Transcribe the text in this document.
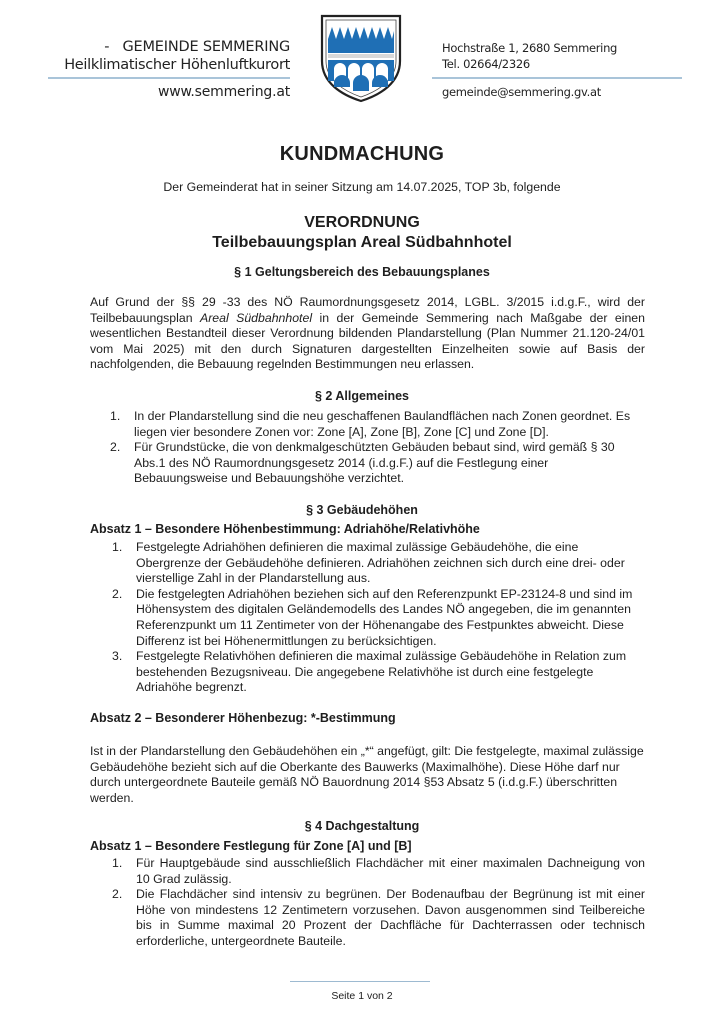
- GEMEINDE SEMMERING
Heilklimatischer Höhenluftkurort
www.semmering.at
Hochstraße 1, 2680 Semmering
Tel. 02664/2326
gemeinde@semmering.gv.at
KUNDMACHUNG
Der Gemeinderat hat in seiner Sitzung am 14.07.2025, TOP 3b, folgende
VERORDNUNG
Teilbebauungsplan Areal Südbahnhotel
§ 1 Geltungsbereich des Bebauungsplanes
Auf Grund der §§ 29 -33 des NÖ Raumordnungsgesetz 2014, LGBL. 3/2015 i.d.g.F., wird der Teilbebauungsplan Areal Südbahnhotel in der Gemeinde Semmering nach Maßgabe der einen wesentlichen Bestandteil dieser Verordnung bildenden Plandarstellung (Plan Nummer 21.120-24/01 vom Mai 2025) mit den durch Signaturen dargestellten Einzelheiten sowie auf Basis der nachfolgenden, die Bebauung regelnden Bestimmungen neu erlassen.
§ 2 Allgemeines
1. In der Plandarstellung sind die neu geschaffenen Baulandflächen nach Zonen geordnet. Es liegen vier besondere Zonen vor: Zone [A], Zone [B], Zone [C] und Zone [D].
2. Für Grundstücke, die von denkmalgeschützten Gebäuden bebaut sind, wird gemäß § 30 Abs.1 des NÖ Raumordnungsgesetz 2014 (i.d.g.F.) auf die Festlegung einer Bebauungsweise und Bebauungshöhe verzichtet.
§ 3 Gebäudehöhen
Absatz 1 – Besondere Höhenbestimmung: Adriahöhe/Relativhöhe
1. Festgelegte Adriahöhen definieren die maximal zulässige Gebäudehöhe, die eine Obergrenze der Gebäudehöhe definieren. Adriahöhen zeichnen sich durch eine drei- oder vierstellige Zahl in der Plandarstellung aus.
2. Die festgelegten Adriahöhen beziehen sich auf den Referenzpunkt EP-23124-8 und sind im Höhensystem des digitalen Geländemodells des Landes NÖ angegeben, die im genannten Referenzpunkt um 11 Zentimeter von der Höhenangabe des Festpunktes abweicht. Diese Differenz ist bei Höhenermittlungen zu berücksichtigen.
3. Festgelegte Relativhöhen definieren die maximal zulässige Gebäudehöhe in Relation zum bestehenden Bezugsniveau. Die angegebene Relativhöhe ist durch eine festgelegte Adriahöhe begrenzt.
Absatz 2 – Besonderer Höhenbezug: *-Bestimmung
Ist in der Plandarstellung den Gebäudehöhen ein „*“ angefügt, gilt: Die festgelegte, maximal zulässige Gebäudehöhe bezieht sich auf die Oberkante des Bauwerks (Maximalhöhe). Diese Höhe darf nur durch untergeordnete Bauteile gemäß NÖ Bauordnung 2014 §53 Absatz 5 (i.d.g.F.) überschritten werden.
§ 4 Dachgestaltung
Absatz 1 – Besondere Festlegung für Zone [A] und [B]
1. Für Hauptgebäude sind ausschließlich Flachdächer mit einer maximalen Dachneigung von 10 Grad zulässig.
2. Die Flachdächer sind intensiv zu begrünen. Der Bodenaufbau der Begrünung ist mit einer Höhe von mindestens 12 Zentimetern vorzusehen. Davon ausgenommen sind Teilbereiche bis in Summe maximal 20 Prozent der Dachfläche für Dachterrassen oder technisch erforderliche, untergeordnete Bauteile.
Seite 1 von 2
